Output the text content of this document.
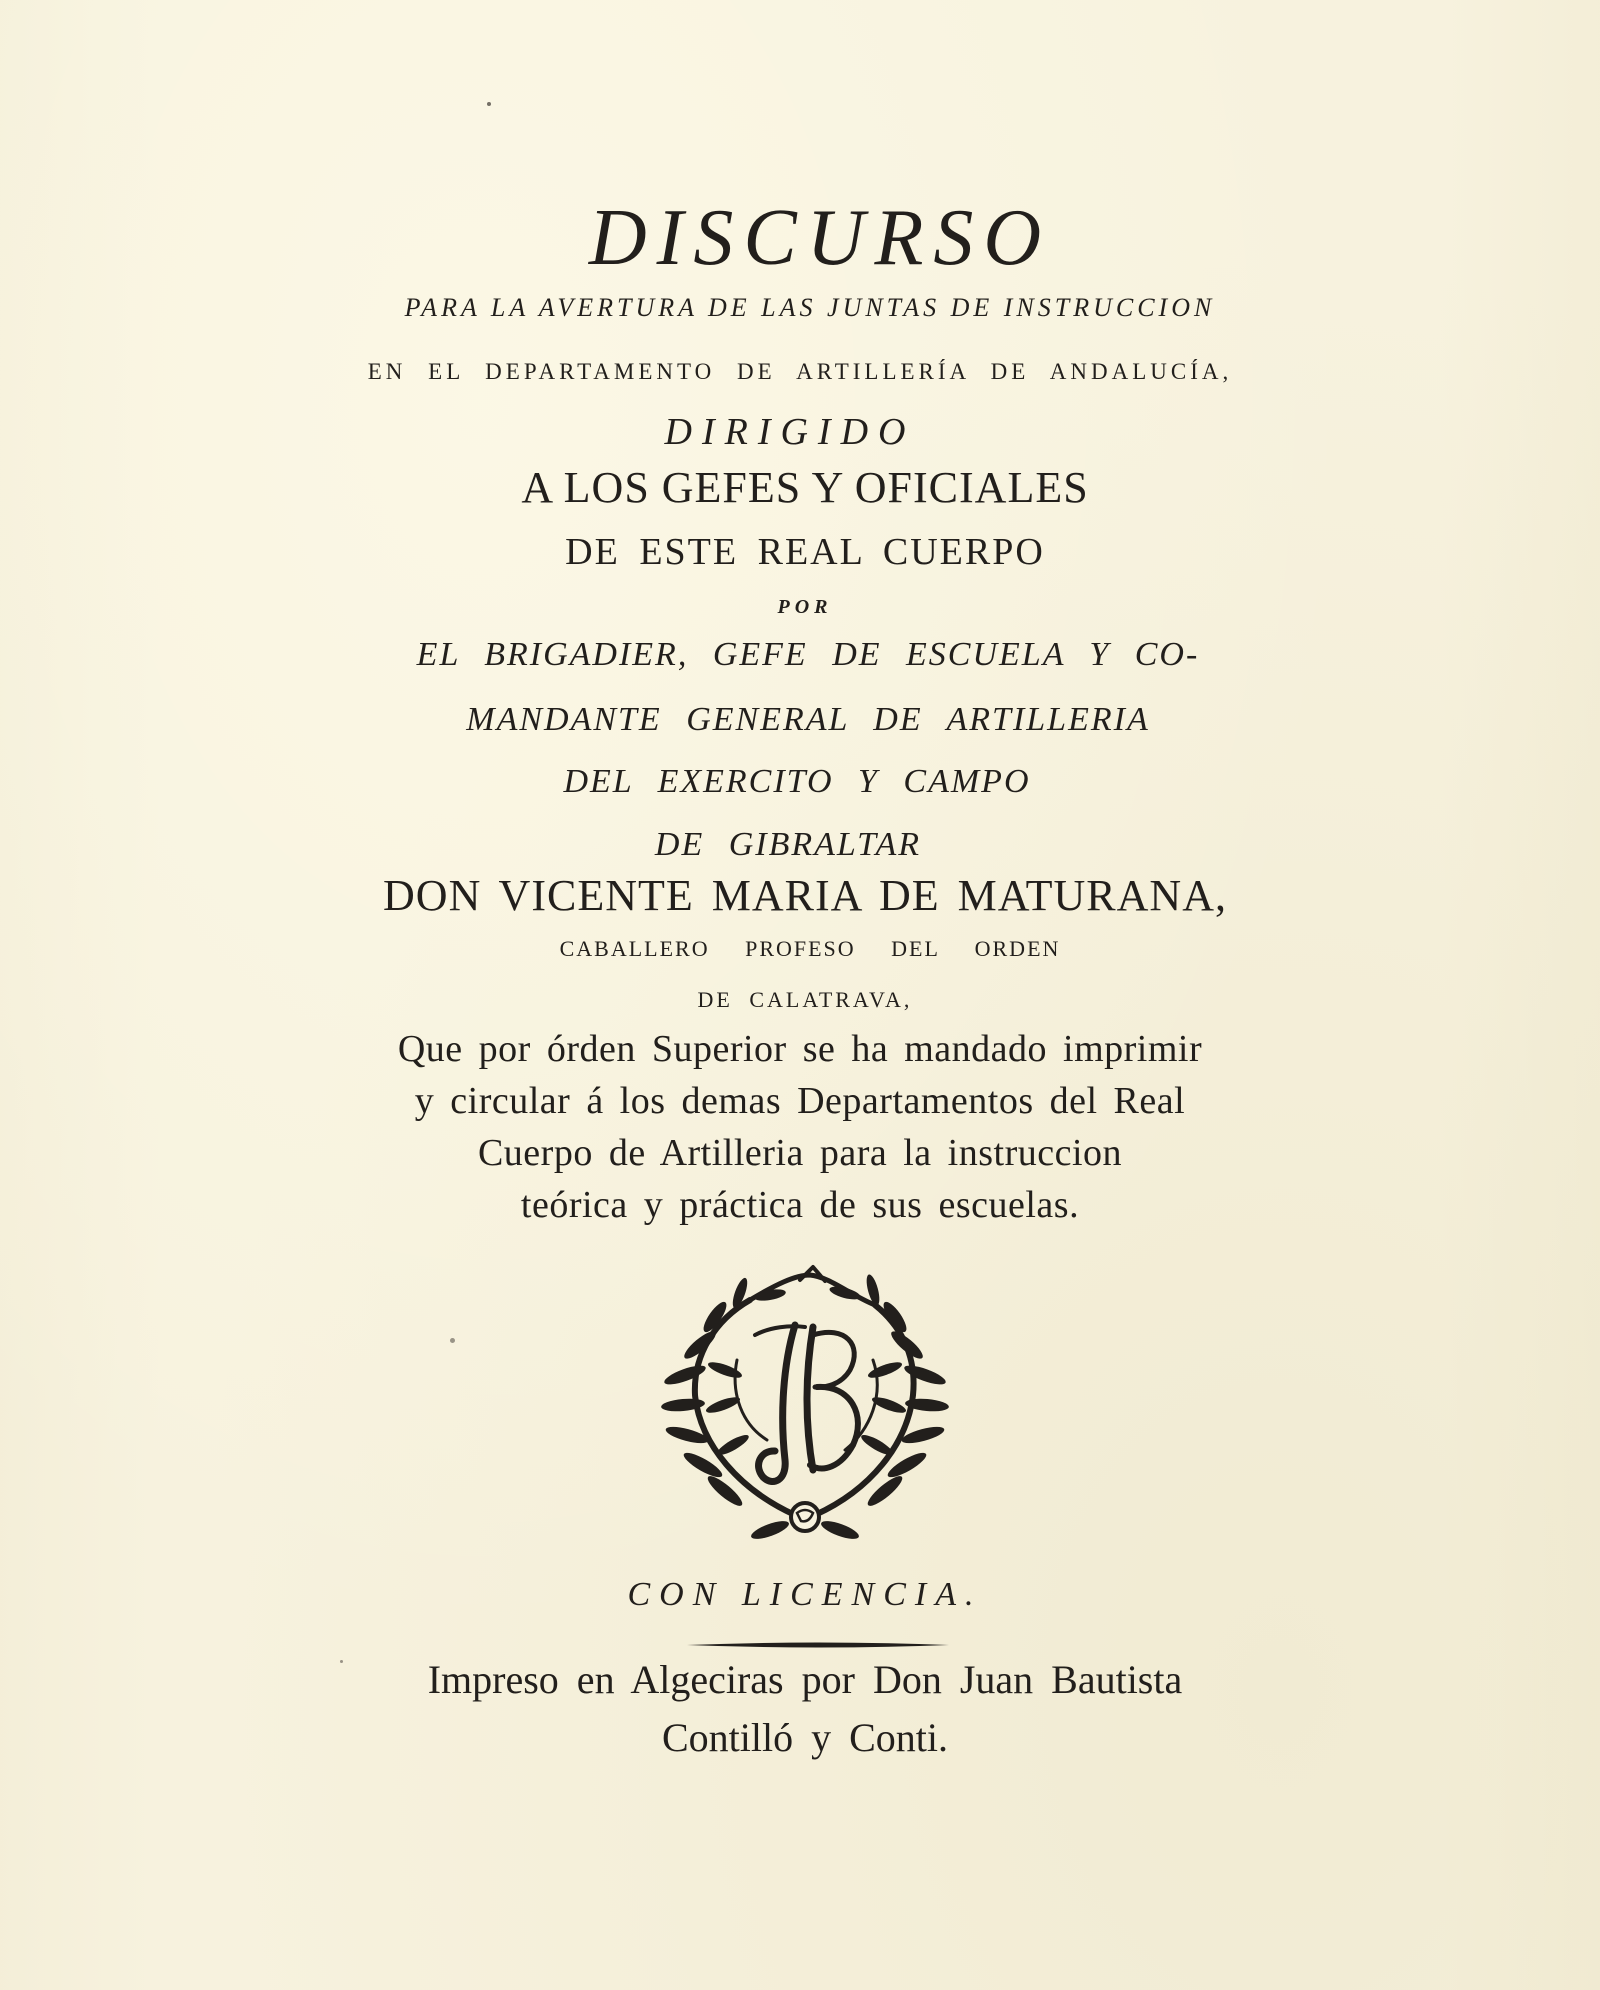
DISCURSO
PARA LA AVERTURA DE LAS JUNTAS DE INSTRUCCION
EN EL DEPARTAMENTO DE ARTILLERÍA DE ANDALUCÍA,
DIRIGIDO
A LOS GEFES Y OFICIALES
DE ESTE REAL CUERPO
POR
EL BRIGADIER, GEFE DE ESCUELA Y CO-
MANDANTE GENERAL DE ARTILLERIA
DEL EXERCITO Y CAMPO
DE GIBRALTAR
DON VICENTE MARIA DE MATURANA,
CABALLERO PROFESO DEL ORDEN
DE CALATRAVA,
Que por órden Superior se ha mandado imprimir
y circular á los demas Departamentos del Real
Cuerpo de Artilleria para la instruccion
teórica y práctica de sus escuelas.
CON LICENCIA.
Impreso en Algeciras por Don Juan Bautista
Contilló y Conti.
